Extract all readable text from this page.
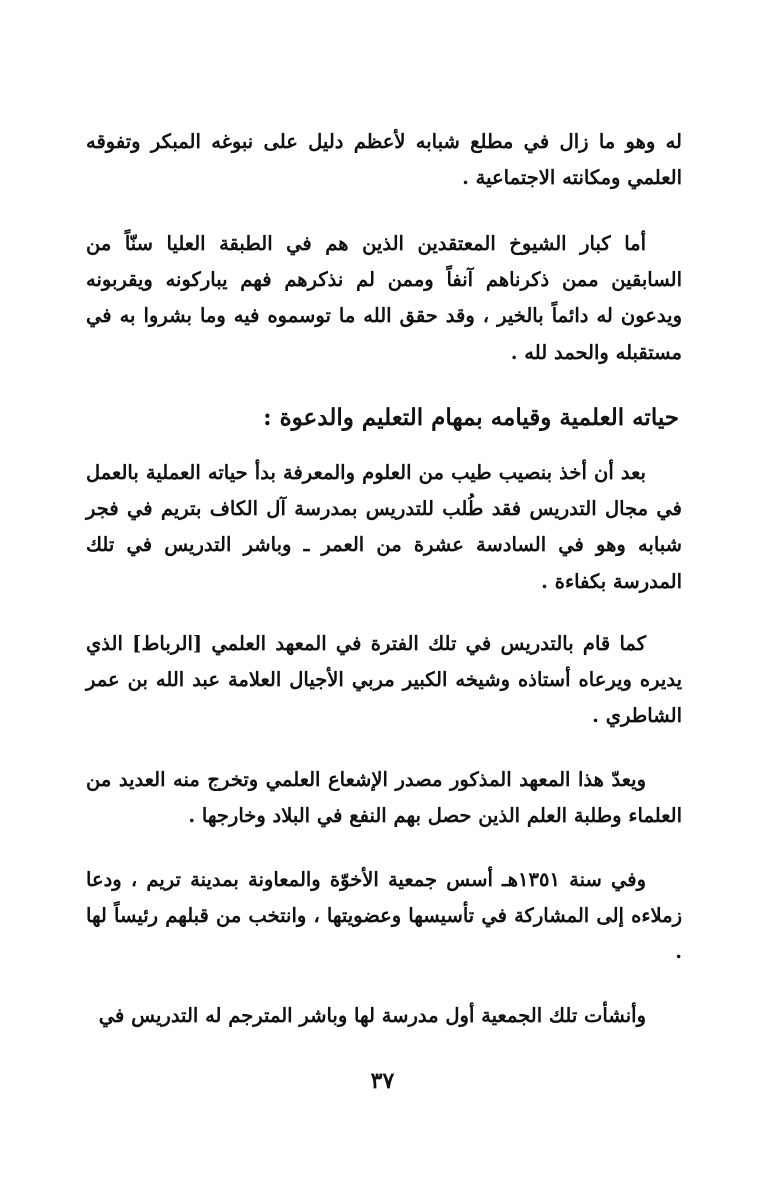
له وهو ما زال في مطلع شبابه لأعظم دليل على نبوغه المبكر وتفوقه العلمي ومكانته الاجتماعية .

أما كبار الشيوخ المعتقدين الذين هم في الطبقة العليا سنّاً من السابقين ممن ذكرناهم آنفاً وممن لم نذكرهم فهم يباركونه ويقربونه ويدعون له دائماً بالخير ، وقد حقق الله ما توسموه فيه وما بشروا به في مستقبله والحمد لله .

حياته العلمية وقيامه بمهام التعليم والدعوة :

بعد أن أخذ بنصيب طيب من العلوم والمعرفة بدأ حياته العملية بالعمل في مجال التدريس فقد طُلب للتدريس بمدرسة آل الكاف بتريم في فجر شبابه وهو في السادسة عشرة من العمر ـ وباشر التدريس في تلك المدرسة بكفاءة .

كما قام بالتدريس في تلك الفترة في المعهد العلمي [الرباط] الذي يديره ويرعاه أستاذه وشيخه الكبير مربي الأجيال العلامة عبد الله بن عمر الشاطري .

ويعدّ هذا المعهد المذكور مصدر الإشعاع العلمي وتخرج منه العديد من العلماء وطلبة العلم الذين حصل بهم النفع في البلاد وخارجها .

وفي سنة ١٣٥١هـ أسس جمعية الأخوّة والمعاونة بمدينة تريم ، ودعا زملاءه إلى المشاركة في تأسيسها وعضويتها ، وانتخب من قبلهم رئيساً لها .

وأنشأت تلك الجمعية أول مدرسة لها وباشر المترجم له التدريس في

٣٧
